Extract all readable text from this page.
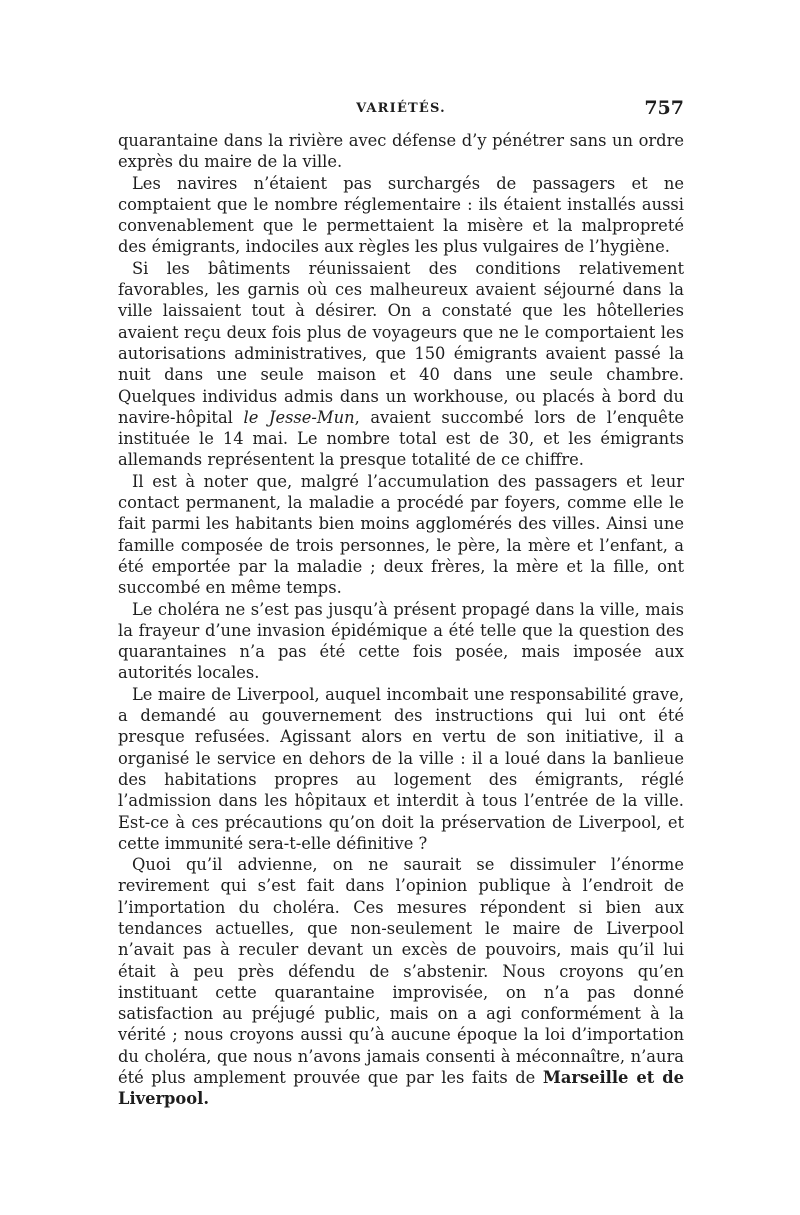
VARIÉTÉS.	757

quarantaine dans la rivière avec défense d’y pénétrer sans un ordre exprès du maire de la ville.

Les navires n’étaient pas surchargés de passagers et ne comptaient que le nombre réglementaire : ils étaient installés aussi convenablement que le permettaient la misère et la malpropreté des émigrants, indociles aux règles les plus vulgaires de l’hygiène.

Si les bâtiments réunissaient des conditions relativement favorables, les garnis où ces malheureux avaient séjourné dans la ville laissaient tout à désirer. On a constaté que les hôtelleries avaient reçu deux fois plus de voyageurs que ne le comportaient les autorisations administratives, que 150 émigrants avaient passé la nuit dans une seule maison et 40 dans une seule chambre. Quelques individus admis dans un workhouse, ou placés à bord du navire-hôpital le Jesse-Mun, avaient succombé lors de l’enquête instituée le 14 mai. Le nombre total est de 30, et les émigrants allemands représentent la presque totalité de ce chiffre.

Il est à noter que, malgré l’accumulation des passagers et leur contact permanent, la maladie a procédé par foyers, comme elle le fait parmi les habitants bien moins agglomérés des villes. Ainsi une famille composée de trois personnes, le père, la mère et l’enfant, a été emportée par la maladie ; deux frères, la mère et la fille, ont succombé en même temps.

Le choléra ne s’est pas jusqu’à présent propagé dans la ville, mais la frayeur d’une invasion épidémique a été telle que la question des quarantaines n’a pas été cette fois posée, mais imposée aux autorités locales.

Le maire de Liverpool, auquel incombait une responsabilité grave, a demandé au gouvernement des instructions qui lui ont été presque refusées. Agissant alors en vertu de son initiative, il a organisé le service en dehors de la ville : il a loué dans la banlieue des habitations propres au logement des émigrants, réglé l’admission dans les hôpitaux et interdit à tous l’entrée de la ville. Est-ce à ces précautions qu’on doit la préservation de Liverpool, et cette immunité sera-t-elle définitive ?

Quoi qu’il advienne, on ne saurait se dissimuler l’énorme revirement qui s’est fait dans l’opinion publique à l’endroit de l’importation du choléra. Ces mesures répondent si bien aux tendances actuelles, que non-seulement le maire de Liverpool n’avait pas à reculer devant un excès de pouvoirs, mais qu’il lui était à peu près défendu de s’abstenir. Nous croyons qu’en instituant cette quarantaine improvisée, on n’a pas donné satisfaction au préjugé public, mais on a agi conformément à la vérité ; nous croyons aussi qu’à aucune époque la loi d’importation du choléra, que nous n’avons jamais consenti à méconnaître, n’aura été plus amplement prouvée que par les faits de Marseille et de Liverpool.
